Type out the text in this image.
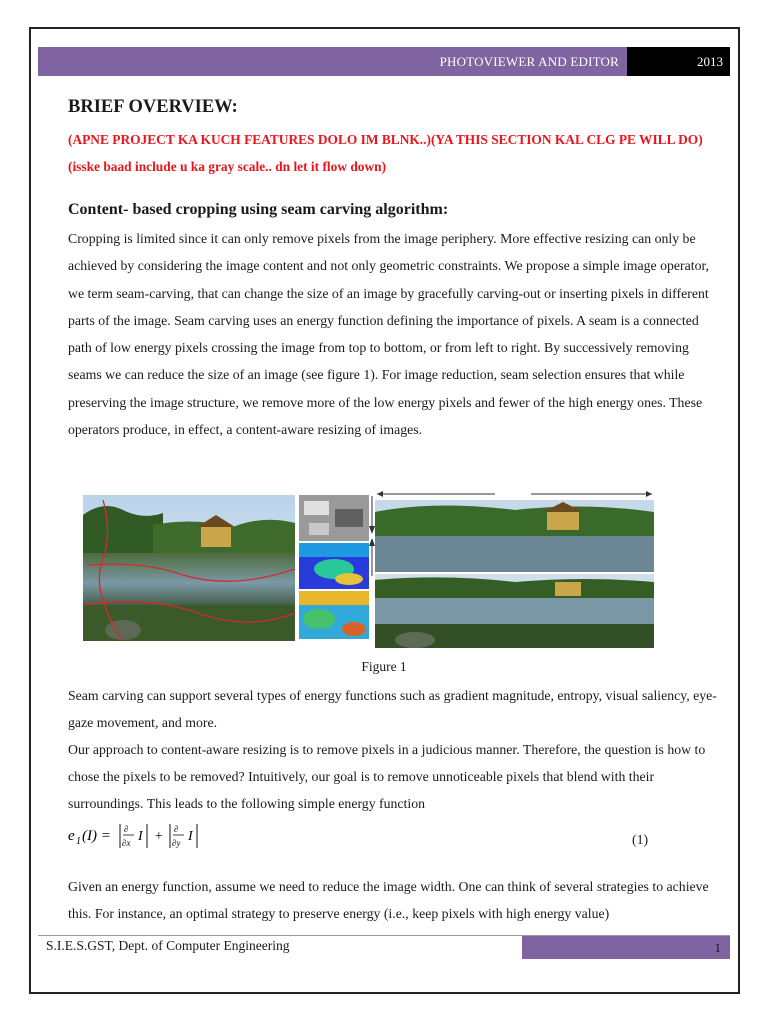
PHOTOVIEWER AND EDITOR	2013
BRIEF OVERVIEW:
(APNE PROJECT KA KUCH FEATURES DOLO IM BLNK..)(YA THIS SECTION KAL CLG PE WILL DO) (isske baad include u ka gray scale.. dn let it flow down)
Content- based cropping using seam carving algorithm:
Cropping is limited since it can only remove pixels from the image periphery. More effective resizing can only be achieved by considering the image content and not only geometric constraints. We propose a simple image operator, we term seam-carving, that can change the size of an image by gracefully carving-out or inserting pixels in different parts of the image. Seam carving uses an energy function defining the importance of pixels. A seam is a connected path of low energy pixels crossing the image from top to bottom, or from left to right. By successively removing seams we can reduce the size of an image (see figure 1). For image reduction, seam selection ensures that while preserving the image structure, we remove more of the low energy pixels and fewer of the high energy ones. These operators produce, in effect, a content-aware resizing of images.
Figure 1
Seam carving can support several types of energy functions such as gradient magnitude, entropy, visual saliency, eye-gaze movement, and more.
Our approach to content-aware resizing is to remove pixels in a judicious manner. Therefore, the question is how to chose the pixels to be removed? Intuitively, our goal is to remove unnoticeable pixels that blend with their surroundings. This leads to the following simple energy function
e 1 (I) = ∂
∂x I + ∂
∂y I	(1)
Given an energy function, assume we need to reduce the image width. One can think of several strategies to achieve this. For instance, an optimal strategy to preserve energy (i.e., keep pixels with high energy value)
S.I.E.S.GST, Dept. of Computer Engineering	1
